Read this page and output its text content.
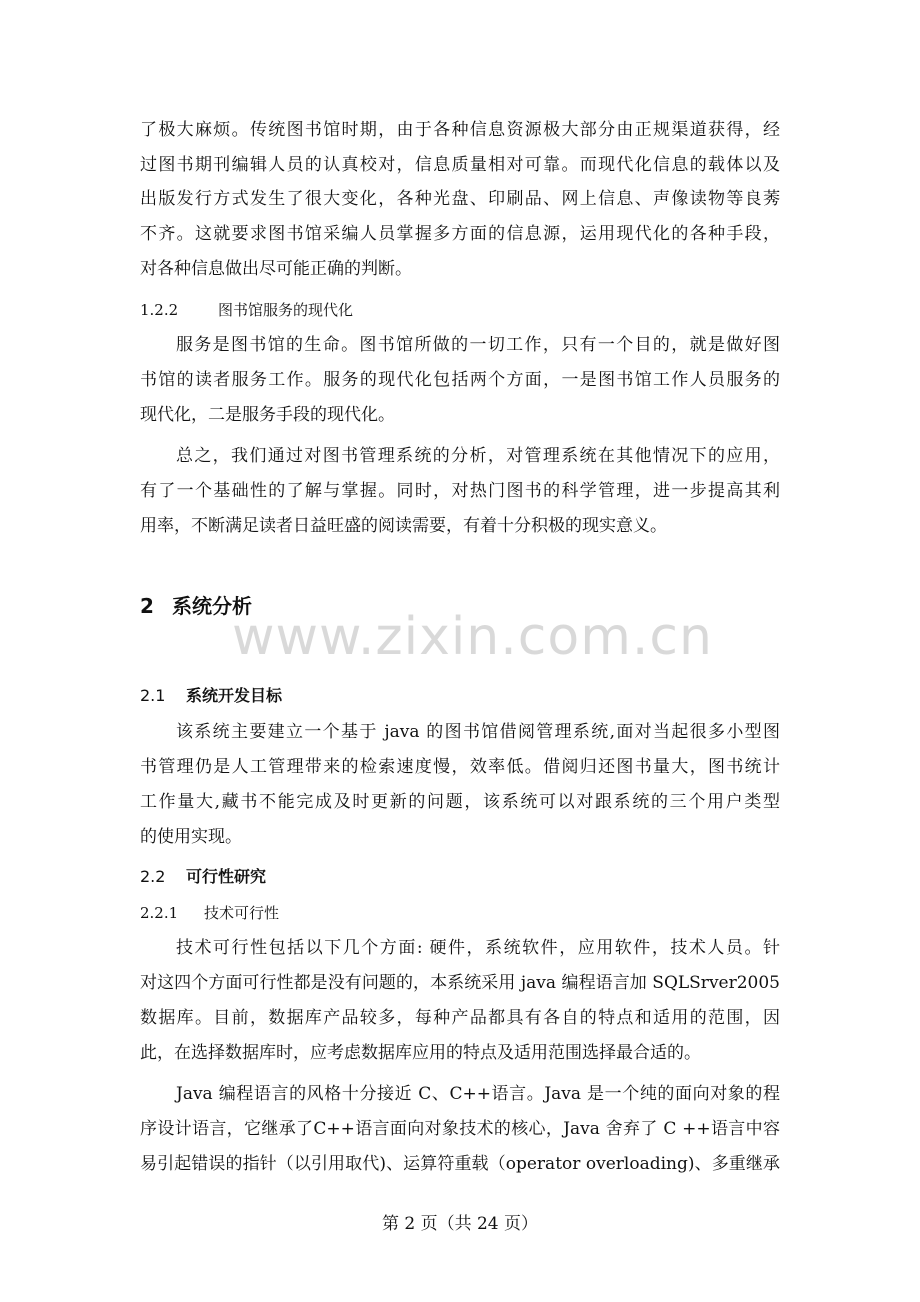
了极大麻烦。传统图书馆时期，由于各种信息资源极大部分由正规渠道获得，经
过图书期刊编辑人员的认真校对，信息质量相对可靠。而现代化信息的载体以及
出版发行方式发生了很大变化，各种光盘、印刷品、网上信息、声像读物等良莠
不齐。这就要求图书馆采编人员掌握多方面的信息源，运用现代化的各种手段，
对各种信息做出尽可能正确的判断。
1.2.2	图书馆服务的现代化
服务是图书馆的生命。图书馆所做的一切工作，只有一个目的，就是做好图
书馆的读者服务工作。服务的现代化包括两个方面，一是图书馆工作人员服务的
现代化，二是服务手段的现代化。
总之，我们通过对图书管理系统的分析，对管理系统在其他情况下的应用，
有了一个基础性的了解与掌握。同时，对热门图书的科学管理，进一步提高其利
用率，不断满足读者日益旺盛的阅读需要，有着十分积极的现实意义。
2 系统分析
www.zixin.com.cn
2.1 系统开发目标
该系统主要建立一个基于 java 的图书馆借阅管理系统,面对当起很多小型图
书管理仍是人工管理带来的检索速度慢，效率低。借阅归还图书量大，图书统计
工作量大,藏书不能完成及时更新的问题，该系统可以对跟系统的三个用户类型
的使用实现。
2.2 可行性研究
2.2.1 技术可行性
技术可行性包括以下几个方面: 硬件，系统软件，应用软件，技术人员。针
对这四个方面可行性都是没有问题的，本系统采用 java 编程语言加 SQLSrver2005
数据库。目前，数据库产品较多，每种产品都具有各自的特点和适用的范围，因
此，在选择数据库时，应考虑数据库应用的特点及适用范围选择最合适的。
Java 编程语言的风格十分接近 C、C++语言。Java 是一个纯的面向对象的程
序设计语言，它继承了C++语言面向对象技术的核心，Java 舍弃了 C ++语言中容
易引起错误的指针（以引用取代)、运算符重载（operator overloading)、多重继承
第 2 页（共 24 页）
